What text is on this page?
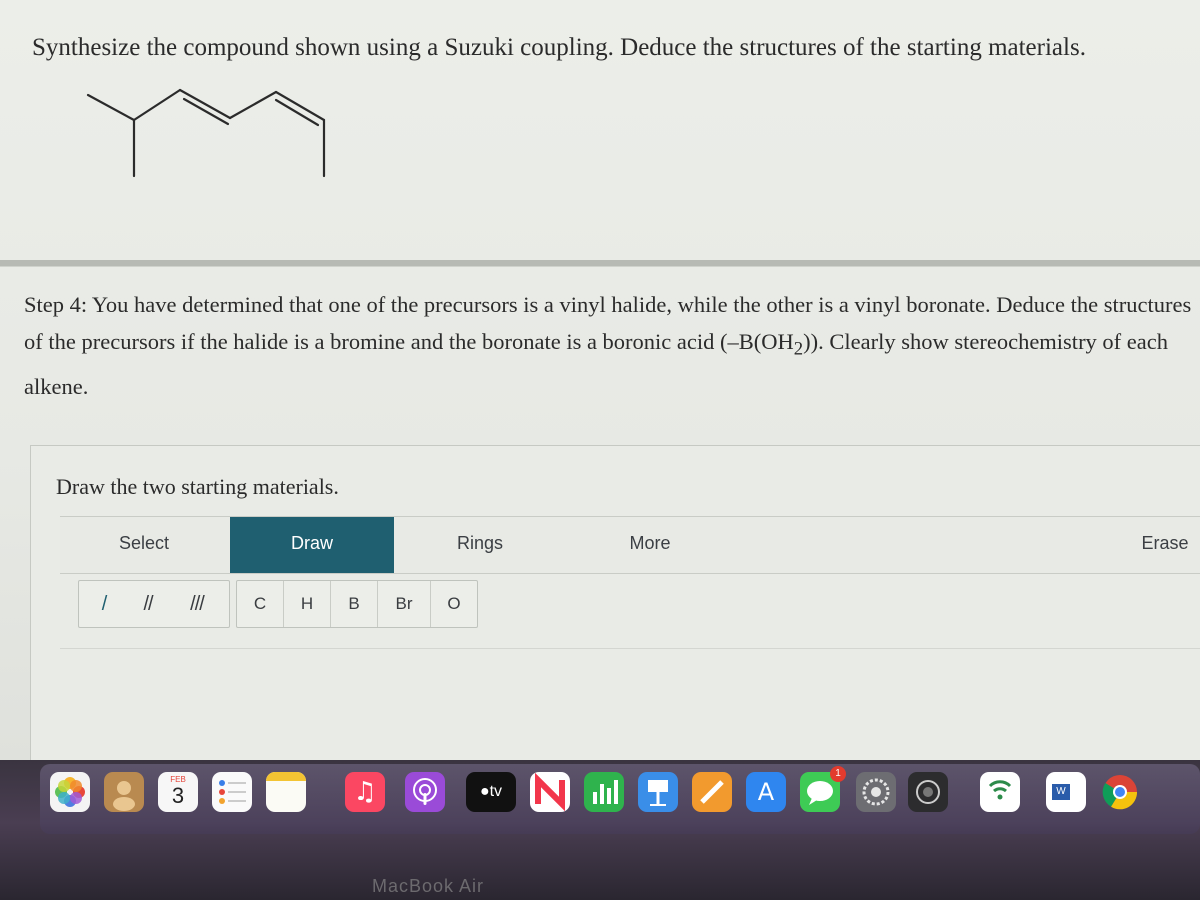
Synthesize the compound shown using a Suzuki coupling. Deduce the structures of the starting materials.
Step 4: You have determined that one of the precursors is a vinyl halide, while the other is a vinyl boronate. Deduce the structures of the precursors if the halide is a bromine and the boronate is a boronic acid $(-B(OH_2))$. Clearly show stereochemistry of each alkene.
Draw the two starting materials.
Select	Draw	Rings	More	Erase
/	//	///	C	H	B	Br	O
FEB
3	♫	●tv	A
1
W
MacBook Air
